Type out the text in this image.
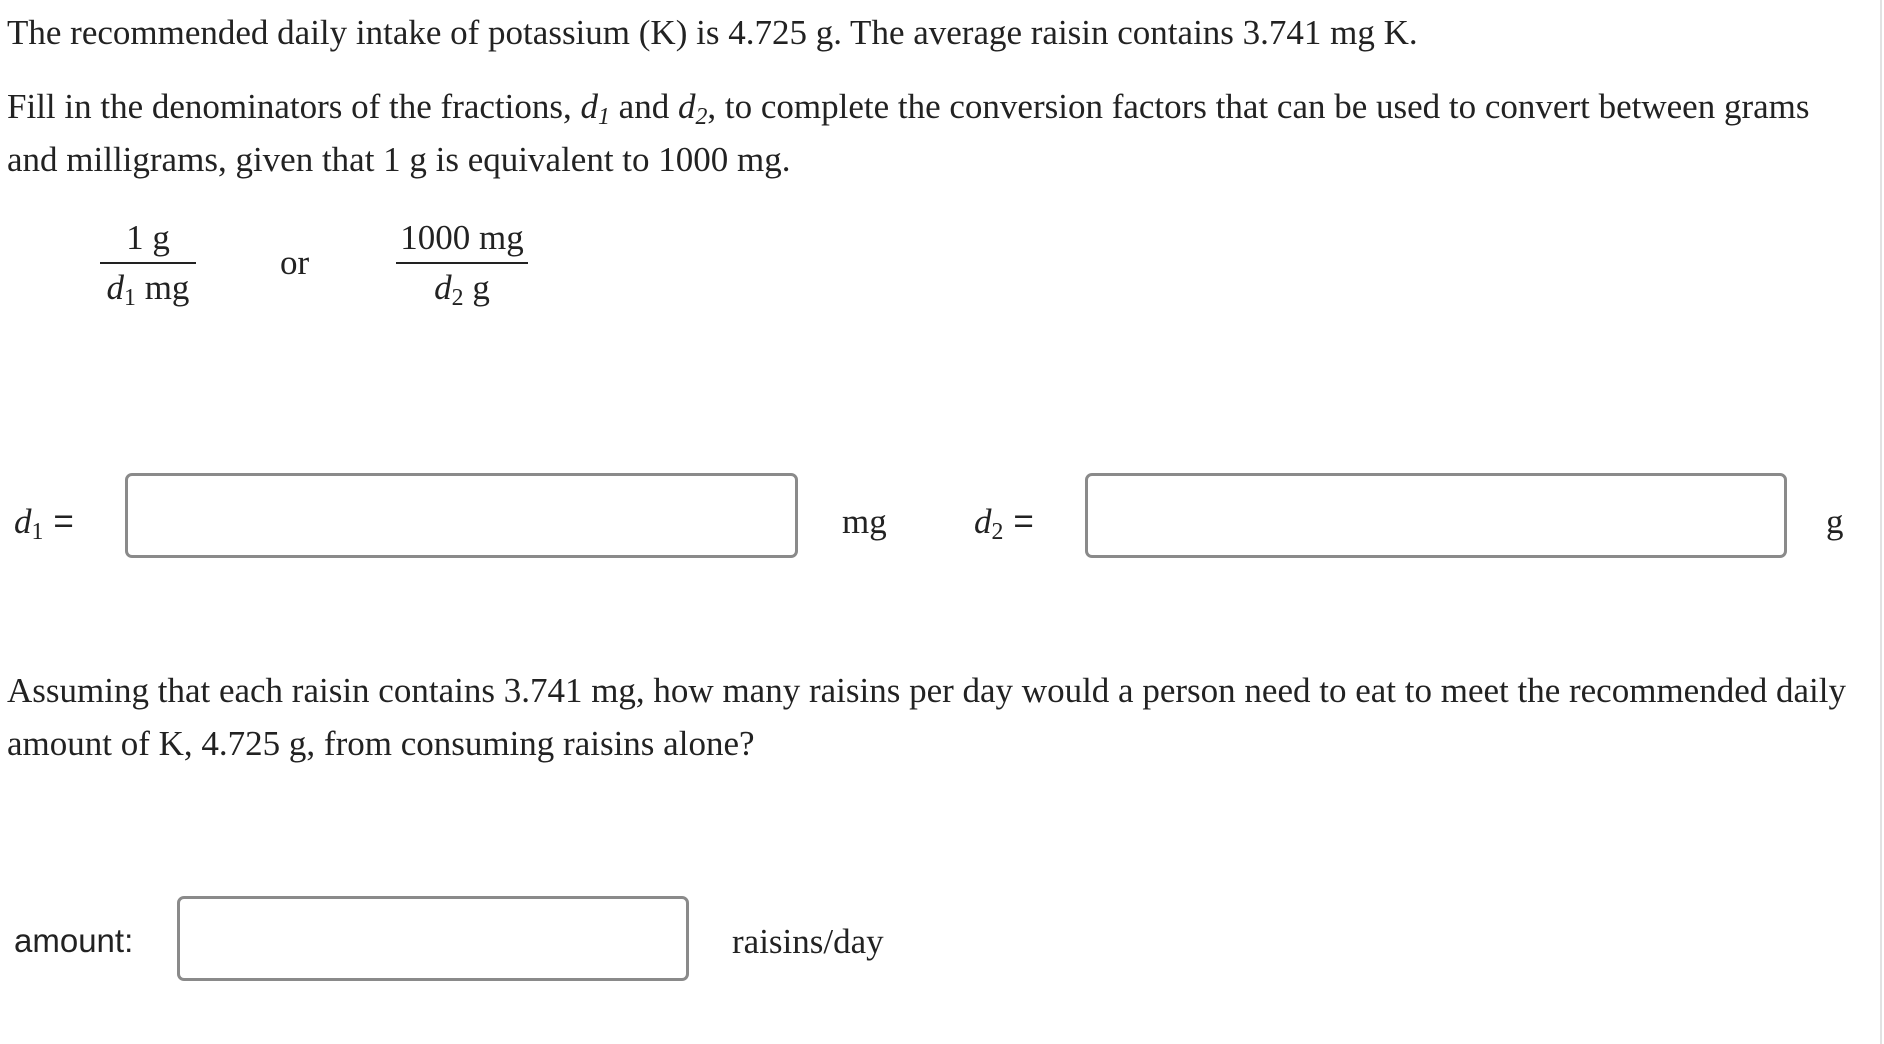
The recommended daily intake of potassium (K) is 4.725 g. The average raisin contains 3.741 mg K.
Fill in the denominators of the fractions, $d_1$ and $d_2$, to complete the conversion factors that can be used to convert between grams and milligrams, given that 1 g is equivalent to 1000 mg.
$\frac{1 g}{d_1 mg}$ or $\frac{1000 mg}{d_2 g}$
$d_1$ =	mg $d_2$ =	g
Assuming that each raisin contains 3.741 mg, how many raisins per day would a person need to eat to meet the recommended daily amount of K, 4.725 g, from consuming raisins alone?
amount:	raisins/day
